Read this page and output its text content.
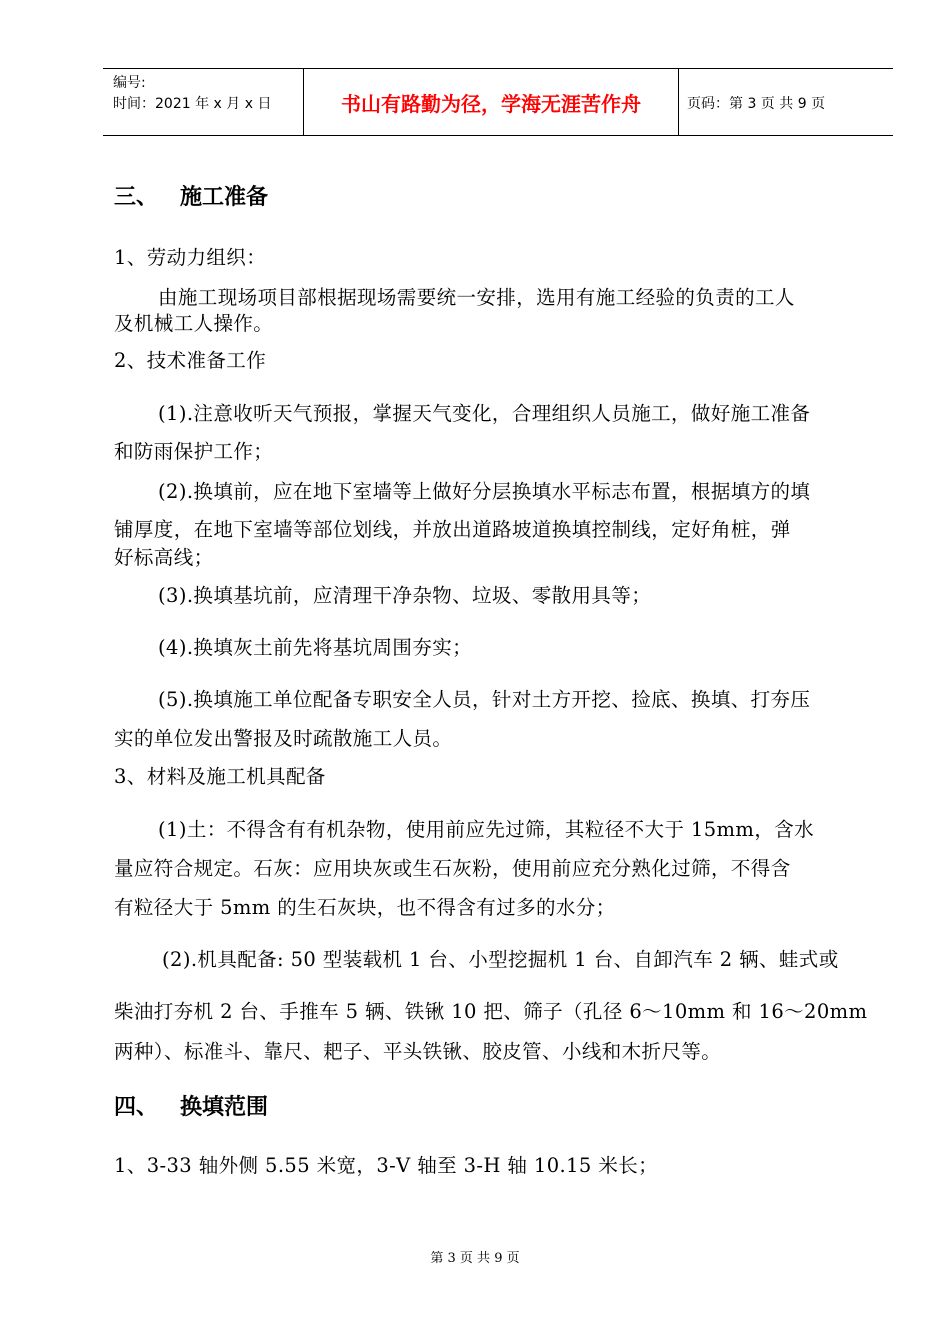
编号:
时间：2021 年 x 月 x 日	书山有路勤为径，学海无涯苦作舟	页码：第 3 页 共 9 页
三、 施工准备
1、劳动力组织：
由施工现场项目部根据现场需要统一安排，选用有施工经验的负责的工人
及机械工人操作。
2、技术准备工作
(1).注意收听天气预报，掌握天气变化，合理组织人员施工，做好施工准备
和防雨保护工作；
(2).换填前，应在地下室墙等上做好分层换填水平标志布置，根据填方的填
铺厚度，在地下室墙等部位划线，并放出道路坡道换填控制线，定好角桩，弹
好标高线；
(3).换填基坑前，应清理干净杂物、垃圾、零散用具等；
(4).换填灰土前先将基坑周围夯实；
(5).换填施工单位配备专职安全人员，针对土方开挖、捡底、换填、打夯压
实的单位发出警报及时疏散施工人员。
3、材料及施工机具配备
(1)土：不得含有有机杂物，使用前应先过筛，其粒径不大于 15mm，含水
量应符合规定。石灰：应用块灰或生石灰粉，使用前应充分熟化过筛，不得含
有粒径大于 5mm 的生石灰块，也不得含有过多的水分；
(2).机具配备: 50 型装载机 1 台、小型挖掘机 1 台、自卸汽车 2 辆、蛙式或
柴油打夯机 2 台、手推车 5 辆、铁锹 10 把、筛子（孔径 6～10mm 和 16～20mm
两种）、标准斗、靠尺、耙子、平头铁锹、胶皮管、小线和木折尺等。
四、 换填范围
1、3-33 轴外侧 5.55 米宽，3-V 轴至 3-H 轴 10.15 米长；
第 3 页 共 9 页
